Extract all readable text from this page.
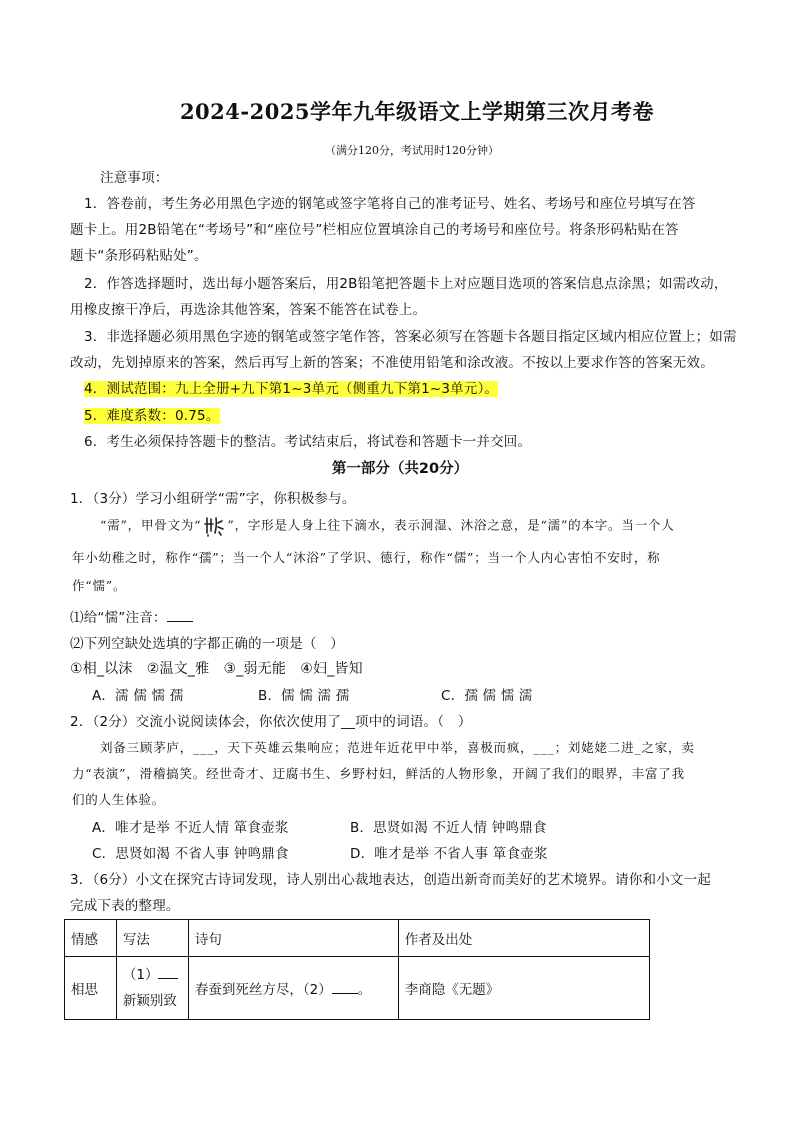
2024-2025学年九年级语文上学期第三次月考卷
（满分120分，考试用时120分钟）
注意事项：
1．答卷前，考生务必用黑色字迹的钢笔或签字笔将自己的准考证号、姓名、考场号和座位号填写在答
题卡上。用2B铅笔在“考场号”和“座位号”栏相应位置填涂自己的考场号和座位号。将条形码粘贴在答
题卡“条形码粘贴处”。
2．作答选择题时，选出每小题答案后，用2B铅笔把答题卡上对应题目选项的答案信息点涂黑；如需改动，
用橡皮擦干净后，再选涂其他答案，答案不能答在试卷上。
3．非选择题必须用黑色字迹的钢笔或签字笔作答，答案必须写在答题卡各题目指定区域内相应位置上；如需
改动，先划掉原来的答案，然后再写上新的答案；不准使用铅笔和涂改液。不按以上要求作答的答案无效。
4．测试范围：九上全册+九下第1~3单元（侧重九下第1~3单元）。
5．难度系数：0.75。
6．考生必须保持答题卡的整洁。考试结束后，将试卷和答题卡一并交回。
第一部分（共20分）
1．（3分）学习小组研学“需”字，你积极参与。
“需”，甲骨文为“ ”，字形是人身上往下滴水，表示洞湿、沐浴之意，是“濡”的本字。当一个人
年小幼稚之时，称作“孺”；当一个人“沐浴”了学识、德行，称作“儒”；当一个人内心害怕不安时，称
作“懦”。
⑴给“懦”注音：
⑵下列空缺处选填的字都正确的一项是（　）
①相_以沫　②温文_雅　③_弱无能　④妇_皆知
A．濡 儒 懦 孺	B．儒 懦 濡 孺	C．孺 儒 懦 濡
2．（2分）交流小说阅读体会，你依次使用了__项中的词语。（　）
刘备三顾茅庐，___，天下英雄云集响应；范进年近花甲中举，喜极而疯，___；刘姥姥二进_之家，卖
力“表演”，滑稽搞笑。经世奇才、迂腐书生、乡野村妇，鲜活的人物形象，开阔了我们的眼界，丰富了我
们的人生体验。
A．唯才是举 不近人情 箪食壶浆	B．思贤如渴 不近人情 钟鸣鼎食
C．思贤如渴 不省人事 钟鸣鼎食	D．唯才是举 不省人事 箪食壶浆
3．（6分）小文在探究古诗词发现，诗人别出心裁地表达，创造出新奇而美好的艺术境界。请你和小文一起
完成下表的整理。
情感	写法	诗句	作者及出处
相思	（1）
新颖别致	春蚕到死丝方尽，（2） 。	李商隐《无题》
